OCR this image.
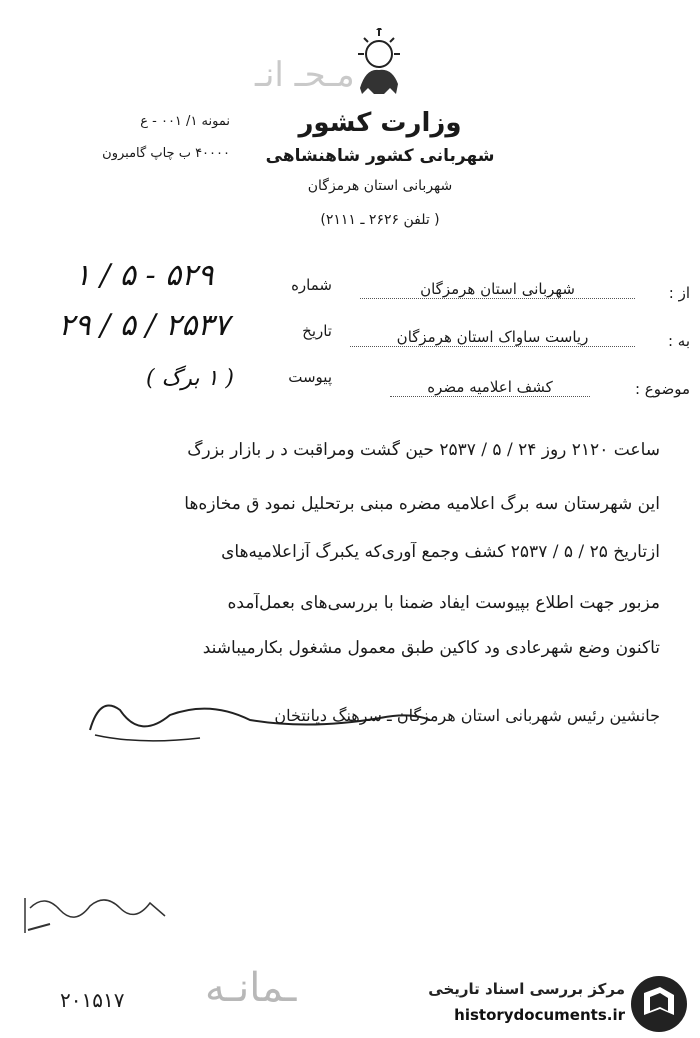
مـحـ انـ
وزارت کشور
شهربانی کشور شاهنشاهی
شهربانی استان هرمزگان
( تلفن ۲۶۲۶ ـ ۲۱۱۱)
نمونه ۱/ ۰۰۱ - ع
۴۰۰۰۰ ب چاپ گامبرون
شماره
۱ / ۵ - ۵۲۹
تاریخ
۲۹ / ۵ / ۲۵۳۷
پیوست
( ۱ برگ )
از :
شهربانی استان هرمزگان
به :
ریاست ساواک استان هرمزگان
موضوع :
کشف اعلامیه مضره
ساعت ۲۱۲۰ روز ۲۴ / ۵ / ۲۵۳۷ حین گشت ومراقبت د ر بازار بزرگ
این شهرستان سه برگ اعلامیه مضره مبنی برتحلیل نمود ق مخازه‌ها
ازتاریخ ۲۵ / ۵ / ۲۵۳۷ کشف وجمع آوری‌که یکبرگ آزاعلامیه‌های
مزبور جهت اطلاع بپیوست ایفاد ضمنا با بررسی‌های بعمل‌آمده
تاکنون وضع شهرعادی ود کاکین طبق معمول مشغول بکارمیباشند
جانشین رئیس شهربانی استان هرمزگان ـ سرهنگ دیانتخان
ـمانـه
۲۰۱۵۱۷	مرکز بررسی اسناد تاریخی
historydocuments.ir
